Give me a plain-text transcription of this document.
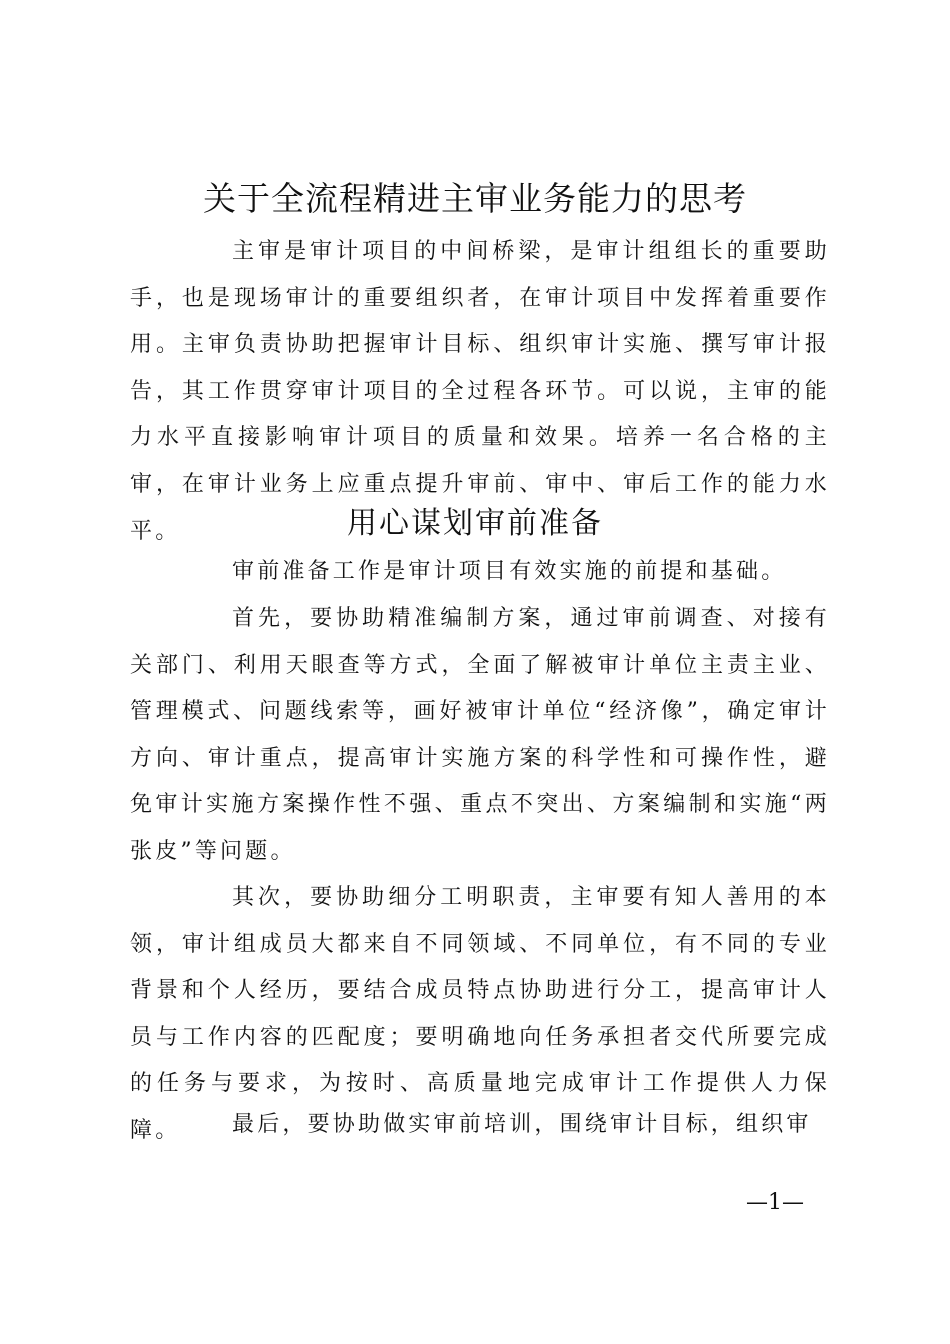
关于全流程精进主审业务能力的思考

主审是审计项目的中间桥梁，是审计组组长的重要助手，也是现场审计的重要组织者，在审计项目中发挥着重要作用。主审负责协助把握审计目标、组织审计实施、撰写审计报告，其工作贯穿审计项目的全过程各环节。可以说，主审的能力水平直接影响审计项目的质量和效果。培养一名合格的主审，在审计业务上应重点提升审前、审中、审后工作的能力水平。	用心谋划审前准备

审前准备工作是审计项目有效实施的前提和基础。

首先，要协助精准编制方案，通过审前调查、对接有关部门、利用天眼查等方式，全面了解被审计单位主责主业、管理模式、问题线索等，画好被审计单位“经济像”，确定审计方向、审计重点，提高审计实施方案的科学性和可操作性，避免审计实施方案操作性不强、重点不突出、方案编制和实施“两张皮”等问题。

其次，要协助细分工明职责，主审要有知人善用的本领，审计组成员大都来自不同领域、不同单位，有不同的专业背景和个人经历，要结合成员特点协助进行分工，提高审计人员与工作内容的匹配度；要明确地向任务承担者交代所要完成的任务与要求，为按时、高质量地完成审计工作提供人力保障。	最后，要协助做实审前培训，围绕审计目标，组织审

—1—
